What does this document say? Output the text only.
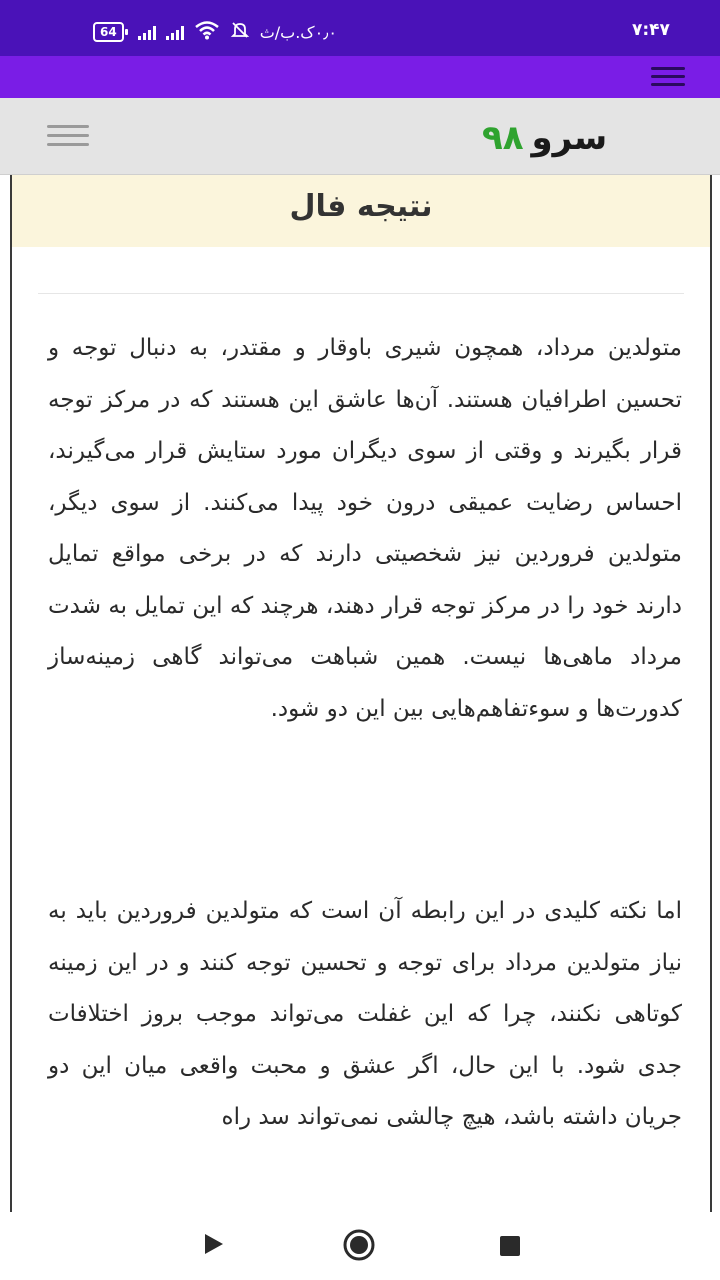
64	۰٫۰ک.ب/ث	۷:۴۷
سرو
۹۸
نتیجه فال
متولدین مرداد، همچون شیری باوقار و مقتدر، به دنبال توجه و تحسین اطرافیان هستند. آن‌ها عاشق این هستند که در مرکز توجه قرار بگیرند و وقتی از سوی دیگران مورد ستایش قرار می‌گیرند، احساس رضایت عمیقی درون خود پیدا می‌کنند. از سوی دیگر، متولدین فروردین نیز شخصیتی دارند که در برخی مواقع تمایل دارند خود را در مرکز توجه قرار دهند، هرچند که این تمایل به شدت مرداد ماهی‌ها نیست. همین شباهت می‌تواند گاهی زمینه‌ساز کدورت‌ها و سوء‌تفاهم‌هایی بین این دو شود.
اما نکته کلیدی در این رابطه آن است که متولدین فروردین باید به نیاز متولدین مرداد برای توجه و تحسین توجه کنند و در این زمینه کوتاهی نکنند، چرا که این غفلت می‌تواند موجب بروز اختلافات جدی شود. با این حال، اگر عشق و محبت واقعی میان این دو جریان داشته باشد، هیچ چالشی نمی‌تواند سد راه
